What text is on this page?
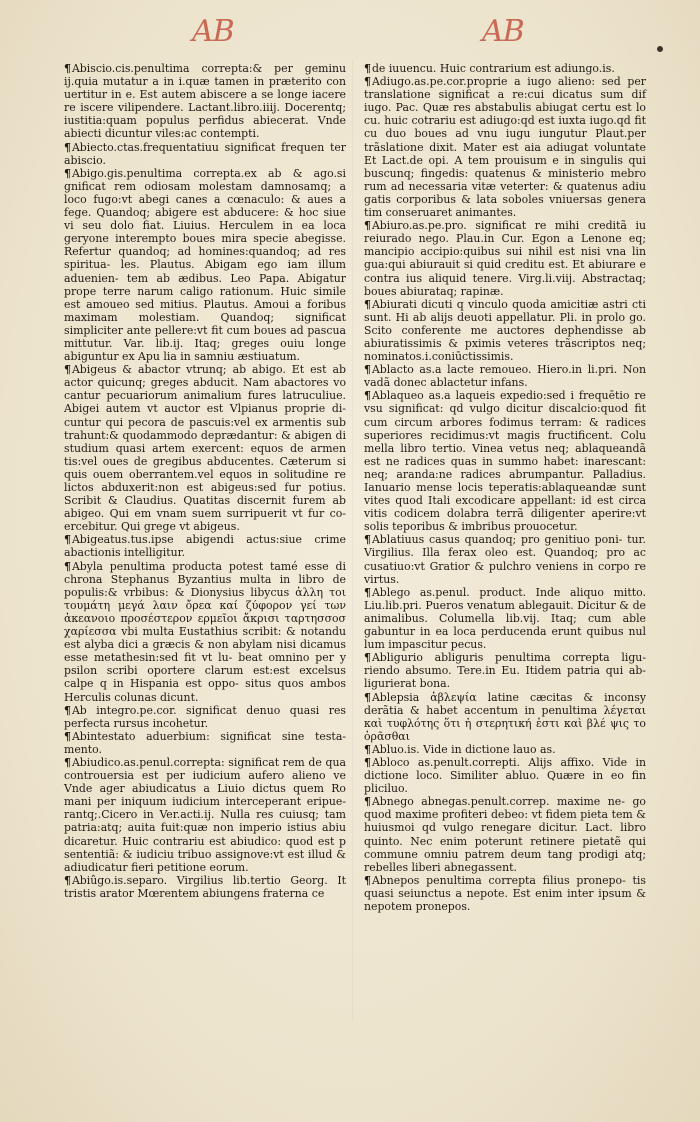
AB	AB

¶Abiscio.cis.penultima correpta:& per geminu ij.quia mutatur a in i.quæ tamen in præterito con uertitur in e. Est autem abiscere a se longe iacere re iscere vilipendere. Lactant.libro.iiij. Docerentq; iustitia:quam populus perfidus abiecerat. Vnde abiecti dicuntur viles:ac contempti.

¶Abiecto.ctas.frequentatiuu significat frequen ter abiscio.

¶Abigo.gis.penultima correpta.ex ab & ago.si gnificat rem odiosam molestam damnosamq; a loco fugo:vt abegi canes a cœnaculo: & aues a fege. Quandoq; abigere est abducere: & hoc siue vi seu dolo fiat. Liuius. Herculem in ea loca geryone interempto boues mira specie abegisse. Refertur quandoq; ad homines:quandoq; ad res spiritua- les. Plautus. Abigam ego iam illum aduenien- tem ab ædibus. Leo Papa. Abigatur prope terre narum caligo rationum. Huic simile est amoueo sed mitius. Plautus. Amoui a foribus maximam molestiam. Quandoq; significat simpliciter ante pellere:vt fit cum boues ad pascua mittutur. Var. lib.ij. Itaq; greges ouiu longe abiguntur ex Apu lia in samniu æstiuatum.

¶Abigeus & abactor vtrunq; ab abigo. Et est ab actor quicunq; greges abducit. Nam abactores vo cantur pecuariorum animalium fures latruculiue. Abigei autem vt auctor est Vlpianus proprie di- cuntur qui pecora de pascuis:vel ex armentis sub trahunt:& quodammodo deprædantur: & abigen di studium quasi artem exercent: equos de armen tis:vel oues de gregibus abducentes. Cæterum si quis ouem oberrantem.vel equos in solitudine re lictos abduxerit:non est abigeus:sed fur potius. Scribit & Claudius. Quatitas discernit furem ab abigeo. Qui em vnam suem surripuerit vt fur co- ercebitur. Qui grege vt abigeus.

¶Abigeatus.tus.ipse abigendi actus:siue crime abactionis intelligitur.

¶Abyla penultima producta potest tamé esse di chrona Stephanus Byzantius multa in libro de populis:& vrbibus: & Dionysius libycus ἀλλη τοι τουμάτη μεγά λαιν ὄρεα καί ζύφορον γεί των ἀκεανοιο προσέστερον ερμεῖοι ἄκρισι ταρτησσοσ χαρίεσσα vbi multa Eustathius scribit: & notandu est alyba dici a græcis & non abylam nisi dicamus esse metathesin:sed fit vt lu- beat omnino per y psilon scribi oportere clarum est:est excelsus calpe q in Hispania est oppo- situs quos ambos Herculis colunas dicunt.

¶Ab integro.pe.cor. significat denuo quasi res perfecta rursus incohetur.

¶Abintestato aduerbium: significat sine testa- mento.

¶Abiudico.as.penul.correpta: significat rem de qua controuersia est per iudicium aufero alieno ve Vnde ager abiudicatus a Liuio dictus quem Ro mani per iniquum iudicium interceperant eripue- rantq;.Cicero in Ver.acti.ij. Nulla res cuiusq; tam patria:atq; auita fuit:quæ non imperio istius abiu dicaretur. Huic contrariu est abiudico: quod est p sententiã: & iudiciu tribuo assignove:vt est illud & adiudicatur fieri petitione eorum.

¶Abiûgo.is.separo. Virgilius lib.tertio Georg. It tristis arator Mœrentem abiungens fraterna ce

¶de iuuencu. Huic contrarium est adiungo.is.

¶Adiugo.as.pe.cor.proprie a iugo alieno: sed per translatione significat a re:cui dicatus sum dif iugo. Pac. Quæ res abstabulis abiugat certu est lo cu. huic cotrariu est adiugo:qd est iuxta iugo.qd fit cu duo boues ad vnu iugu iungutur Plaut.per trãslatione dixit. Mater est aia adiugat voluntate Et Lact.de opi. A tem prouisum e in singulis qui buscunq; fingedis: quatenus & ministerio mebro rum ad necessaria vitæ veterter: & quatenus adiu gatis corporibus & lata soboles vniuersas genera tim conseruaret animantes.

¶Abiuro.as.pe.pro. significat re mihi creditã iu reiurado nego. Plau.in Cur. Egon a Lenone eq; mancipio accipio:quibus sui nihil est nisi vna lin gua:qui abiurauit si quid creditu est. Et abiurare e contra ius aliquid tenere. Virg.li.viij. Abstractaq; boues abiurataq; rapinæ.

¶Abiurati dicuti q vinculo quoda amicitiæ astri cti sunt. Hi ab alijs deuoti appellatur. Pli. in prolo go. Scito conferente me auctores dephendisse ab abiuratissimis & pximis veteres trãscriptos neq; nominatos.i.coniūctissimis.

¶Ablacto as.a lacte remoueo. Hiero.in li.pri. Non vadã donec ablactetur infans.

¶Ablaqueo as.a laqueis expedio:sed i frequētio re vsu significat: qd vulgo dicitur discalcio:quod fit cum circum arbores fodimus terram: & radices superiores recidimus:vt magis fructificent. Colu mella libro tertio. Vinea vetus neq; ablaqueandã est ne radices quas in summo habet: inarescant: neq; aranda:ne radices abrumpantur. Palladius. Ianuario mense locis teperatis:ablaqueandæ sunt vites quod Itali excodicare appellant: id est circa vitis codicem dolabra terrã diligenter aperire:vt solis teporibus & imbribus prouocetur.

¶Ablatiuus casus quandoq; pro genitiuo poni- tur. Virgilius. Illa ferax oleo est. Quandoq; pro ac cusatiuo:vt Gratior & pulchro veniens in corpo re virtus.

¶Ablego as.penul. product. Inde aliquo mitto. Liu.lib.pri. Pueros venatum ablegauit. Dicitur & de animalibus. Columella lib.vij. Itaq; cum able gabuntur in ea loca perducenda erunt quibus nul lum impascitur pecus.

¶Abligurio abliguris penultima correpta ligu- riendo absumo. Tere.in Eu. Itidem patria qui ab- ligurierat bona.

¶Ablepsia ἀβλεψία latine cæcitas & inconsy derãtia & habet accentum in penultima λέγεται καὶ τυφλότης ὅτι ἡ στερητική ἐστι καὶ βλέ ψις το ὁρᾶσθαι

¶Abluo.is. Vide in dictione lauo as.

¶Abloco as.penult.correpti. Alijs affixo. Vide in dictione loco. Similiter abluo. Quære in eo fin pliciluo.

¶Abnego abnegas.penult.correp. maxime ne- go quod maxime profiteri debeo: vt fidem pieta tem & huiusmoi qd vulgo renegare dicitur. Lact. libro quinto. Nec enim poterunt retinere pietatẽ qui commune omniu patrem deum tang prodigi atq; rebelles liberi abnegassent.

¶Abnepos penultima correpta filius pronepo- tis quasi seiunctus a nepote. Est enim inter ipsum & nepotem pronepos.
